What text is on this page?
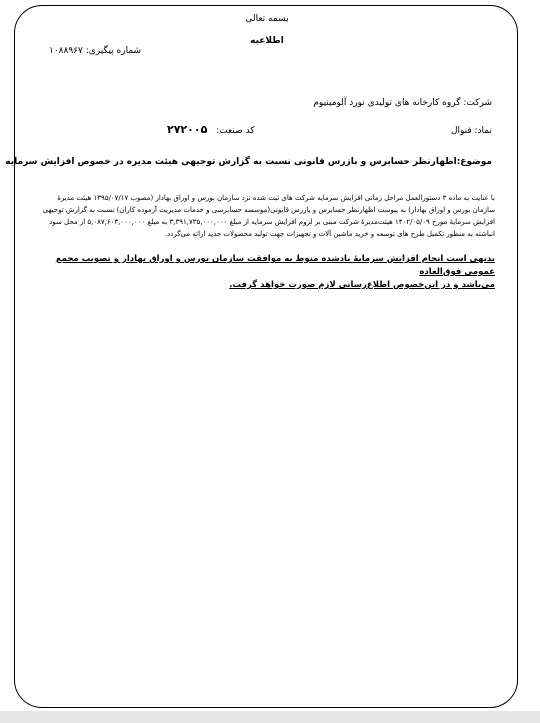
بسمه تعالی
اطلاعیه
شماره پیگیری: ۱۰۸۸۹۶۷
شرکت: گروه کارخانه های تولیدی نورد آلومینیوم
نماد: فنوال
کد صنعت: ۲۷۲۰۰۵
موضوع:اظهارنظر حسابرس و بازرس قانونی نسبت به گزارش توجیهی هیئت مدیره در خصوص افزایش سرمایه

با عنایت به ماده ۳ دستورالعمل مراحل زمانی افزایش سرمایه شرکت های ثبت شده نزد سازمان بورس و اوراق بهادار (مصوب ۱۳۹۵/۰۷/۱۷ هیئت مدیرهٔ

سازمان بورس و اوراق بهادار) به پیوست اظهارنظر حسابرس و بازرس قانونی(موسسه حسابرسی و خدمات مدیریت آزموده کاران) نسبت به گزارش توجیهی

افزایش سرمایهٔ مورخ ۱۴۰۲/۰۵/۰۹ هیئت‌مدیرهٔ شرکت مبنی بر لزوم افزایش سرمایه از مبلغ ۳,۳۹۱,۷۳۵,۰۰۰,۰۰۰ به مبلغ ۵,۰۸۷,۶۰۳,۰۰۰,۰۰۰ از محل سود

انباشته به منظور تکمیل طرح های توسعه و خرید ماشین آلات و تجهیزات جهت تولید محصولات جدید ارائه می‌گردد.

بدیهی است انجام افزایش سرمایهٔ یادشده منوط به موافقت سازمان بورس و اوراق بهادار و تصویب مجمع عمومی فوق‌العاده
می‌باشد و در این‌خصوص اطلاع‌رسانی لازم صورت خواهد گرفت.
